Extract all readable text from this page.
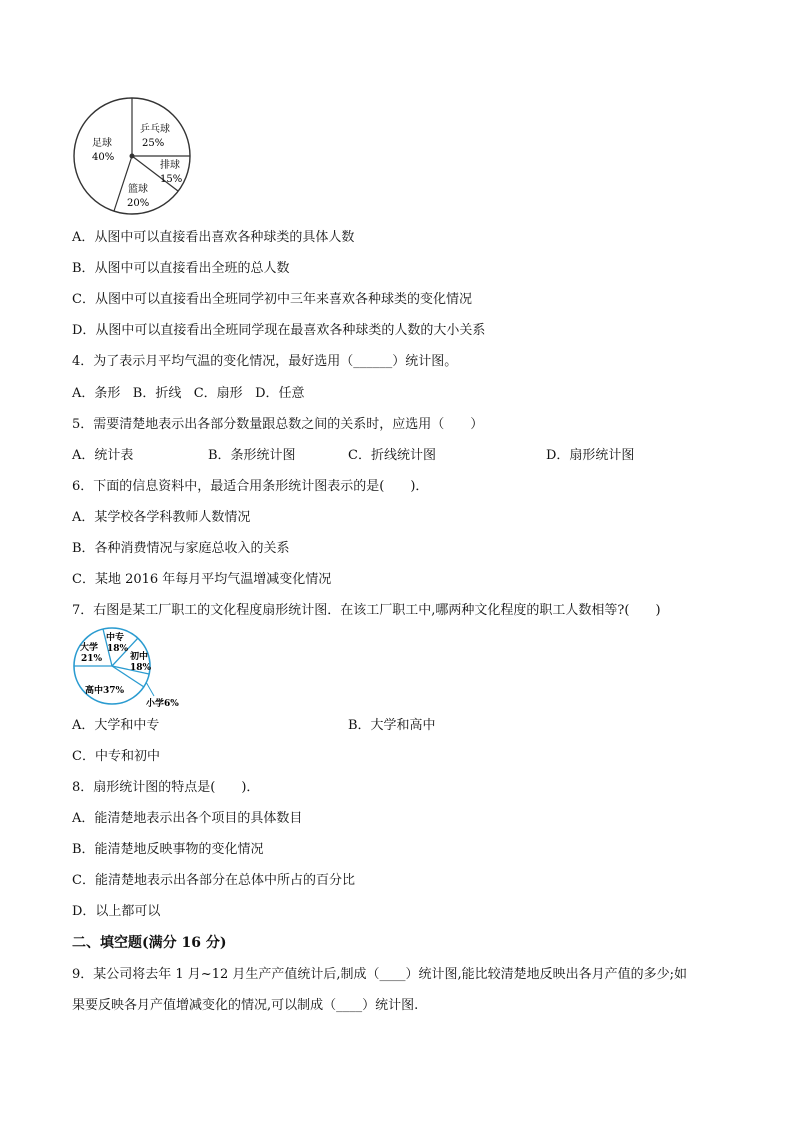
足球
40%
乒乓球
25%
排球
15%
篮球
20%
A．从图中可以直接看出喜欢各种球类的具体人数
B．从图中可以直接看出全班的总人数
C．从图中可以直接看出全班同学初中三年来喜欢各种球类的变化情况
D．从图中可以直接看出全班同学现在最喜欢各种球类的人数的大小关系
4．为了表示月平均气温的变化情况，最好选用（______）统计图。
A．条形   B．折线   C．扇形   D．任意
5．需要清楚地表示出各部分数量跟总数之间的关系时，应选用（　　）
A．统计表	B．条形统计图	C．折线统计图	D．扇形统计图
6．下面的信息资料中，最适合用条形统计图表示的是(　　)．
A．某学校各学科教师人数情况
B．各种消费情况与家庭总收入的关系
C．某地 2016 年每月平均气温增减变化情况
7．右图是某工厂职工的文化程度扇形统计图．在该工厂职工中,哪两种文化程度的职工人数相等?(　　)
大学
21%
中专
18%
初中
18%
高中37%
小学6%
A．大学和中专	B．大学和高中
C．中专和初中
8．扇形统计图的特点是(　　)．
A．能清楚地表示出各个项目的具体数目
B．能清楚地反映事物的变化情况
C．能清楚地表示出各部分在总体中所占的百分比
D．以上都可以
二、填空题(满分 16 分)
9．某公司将去年 1 月~12 月生产产值统计后,制成（____）统计图,能比较清楚地反映出各月产值的多少;如
果要反映各月产值增减变化的情况,可以制成（____）统计图.
